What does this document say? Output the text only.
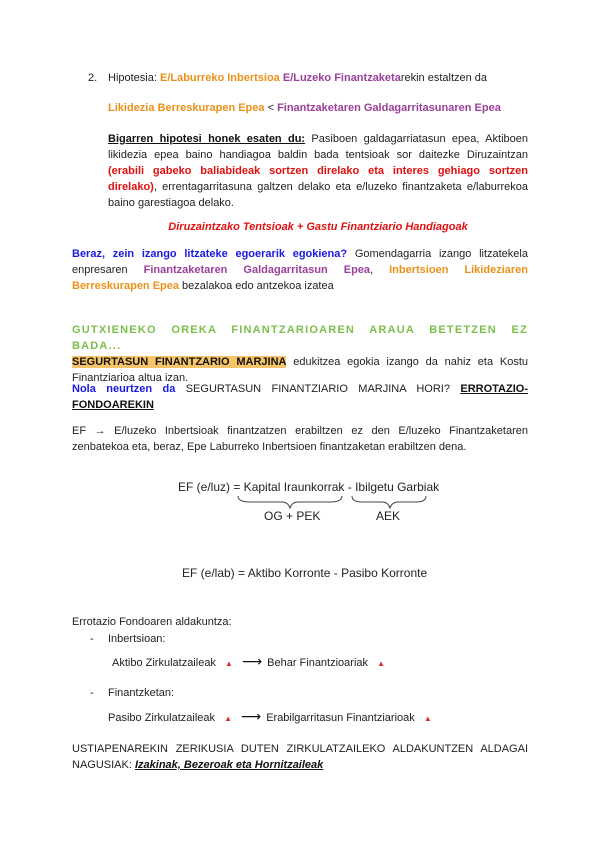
2. Hipotesia: E/Laburreko Inbertsioa E/Luzeko Finantzaketarekin estaltzen da
Likidezia Berreskurapen Epea < Finantzaketaren Galdagarritasunaren Epea
Bigarren hipotesi honek esaten du: Pasiboen galdagarriatasun epea, Aktiboen likidezia epea baino handiagoa baldin bada tentsioak sor daitezke Diruzaintzan (erabili gabeko baliabideak sortzen direlako eta interes gehiago sortzen direlako), errentagarritasuna galtzen delako eta e/luzeko finantzaketa e/laburrekoa baino garestiagoa delako.
Diruzaintzako Tentsioak + Gastu Finantziario Handiagoak
Beraz, zein izango litzateke egoerarik egokiena? Gomendagarria izango litzatekela enpresaren Finantzaketaren Galdagarritasun Epea, Inbertsioen Likideziaren Berreskurapen Epea bezalakoa edo antzekoa izatea
GUTXIENEKO OREKA FINANTZARIOAREN ARAUA BETETZEN EZ BADA...
SEGURTASUN FINANTZARIO MARJINA edukitzea egokia izango da nahiz eta Kostu Finantziarioa altua izan.
Nola neurtzen da SEGURTASUN FINANTZIARIO MARJINA HORI? ERROTAZIO-FONDOAREKIN
EF → E/luzeko Inbertsioak finantzatzen erabiltzen ez den E/luzeko Finantzaketaren zenbatekoa eta, beraz, Epe Laburreko Inbertsioen finantzaketan erabiltzen dena.
EF (e/luz) = Kapital Iraunkorrak - Ibilgetu Garbiak
OG + PEK	AEK
EF (e/lab) = Aktibo Korronte - Pasibo Korronte
Errotazio Fondoaren aldakuntza:
- Inbertsioan:
Aktibo Zirkulatzaileak ▲ ⟶ Behar Finantzioariak ▲
- Finantzketan:
Pasibo Zirkulatzaileak ▲ ⟶ Erabilgarritasun Finantziarioak ▲
USTIAPENAREKIN ZERIKUSIA DUTEN ZIRKULATZAILEKO ALDAKUNTZEN ALDAGAI NAGUSIAK: Izakinak, Bezeroak eta Hornitzaileak
